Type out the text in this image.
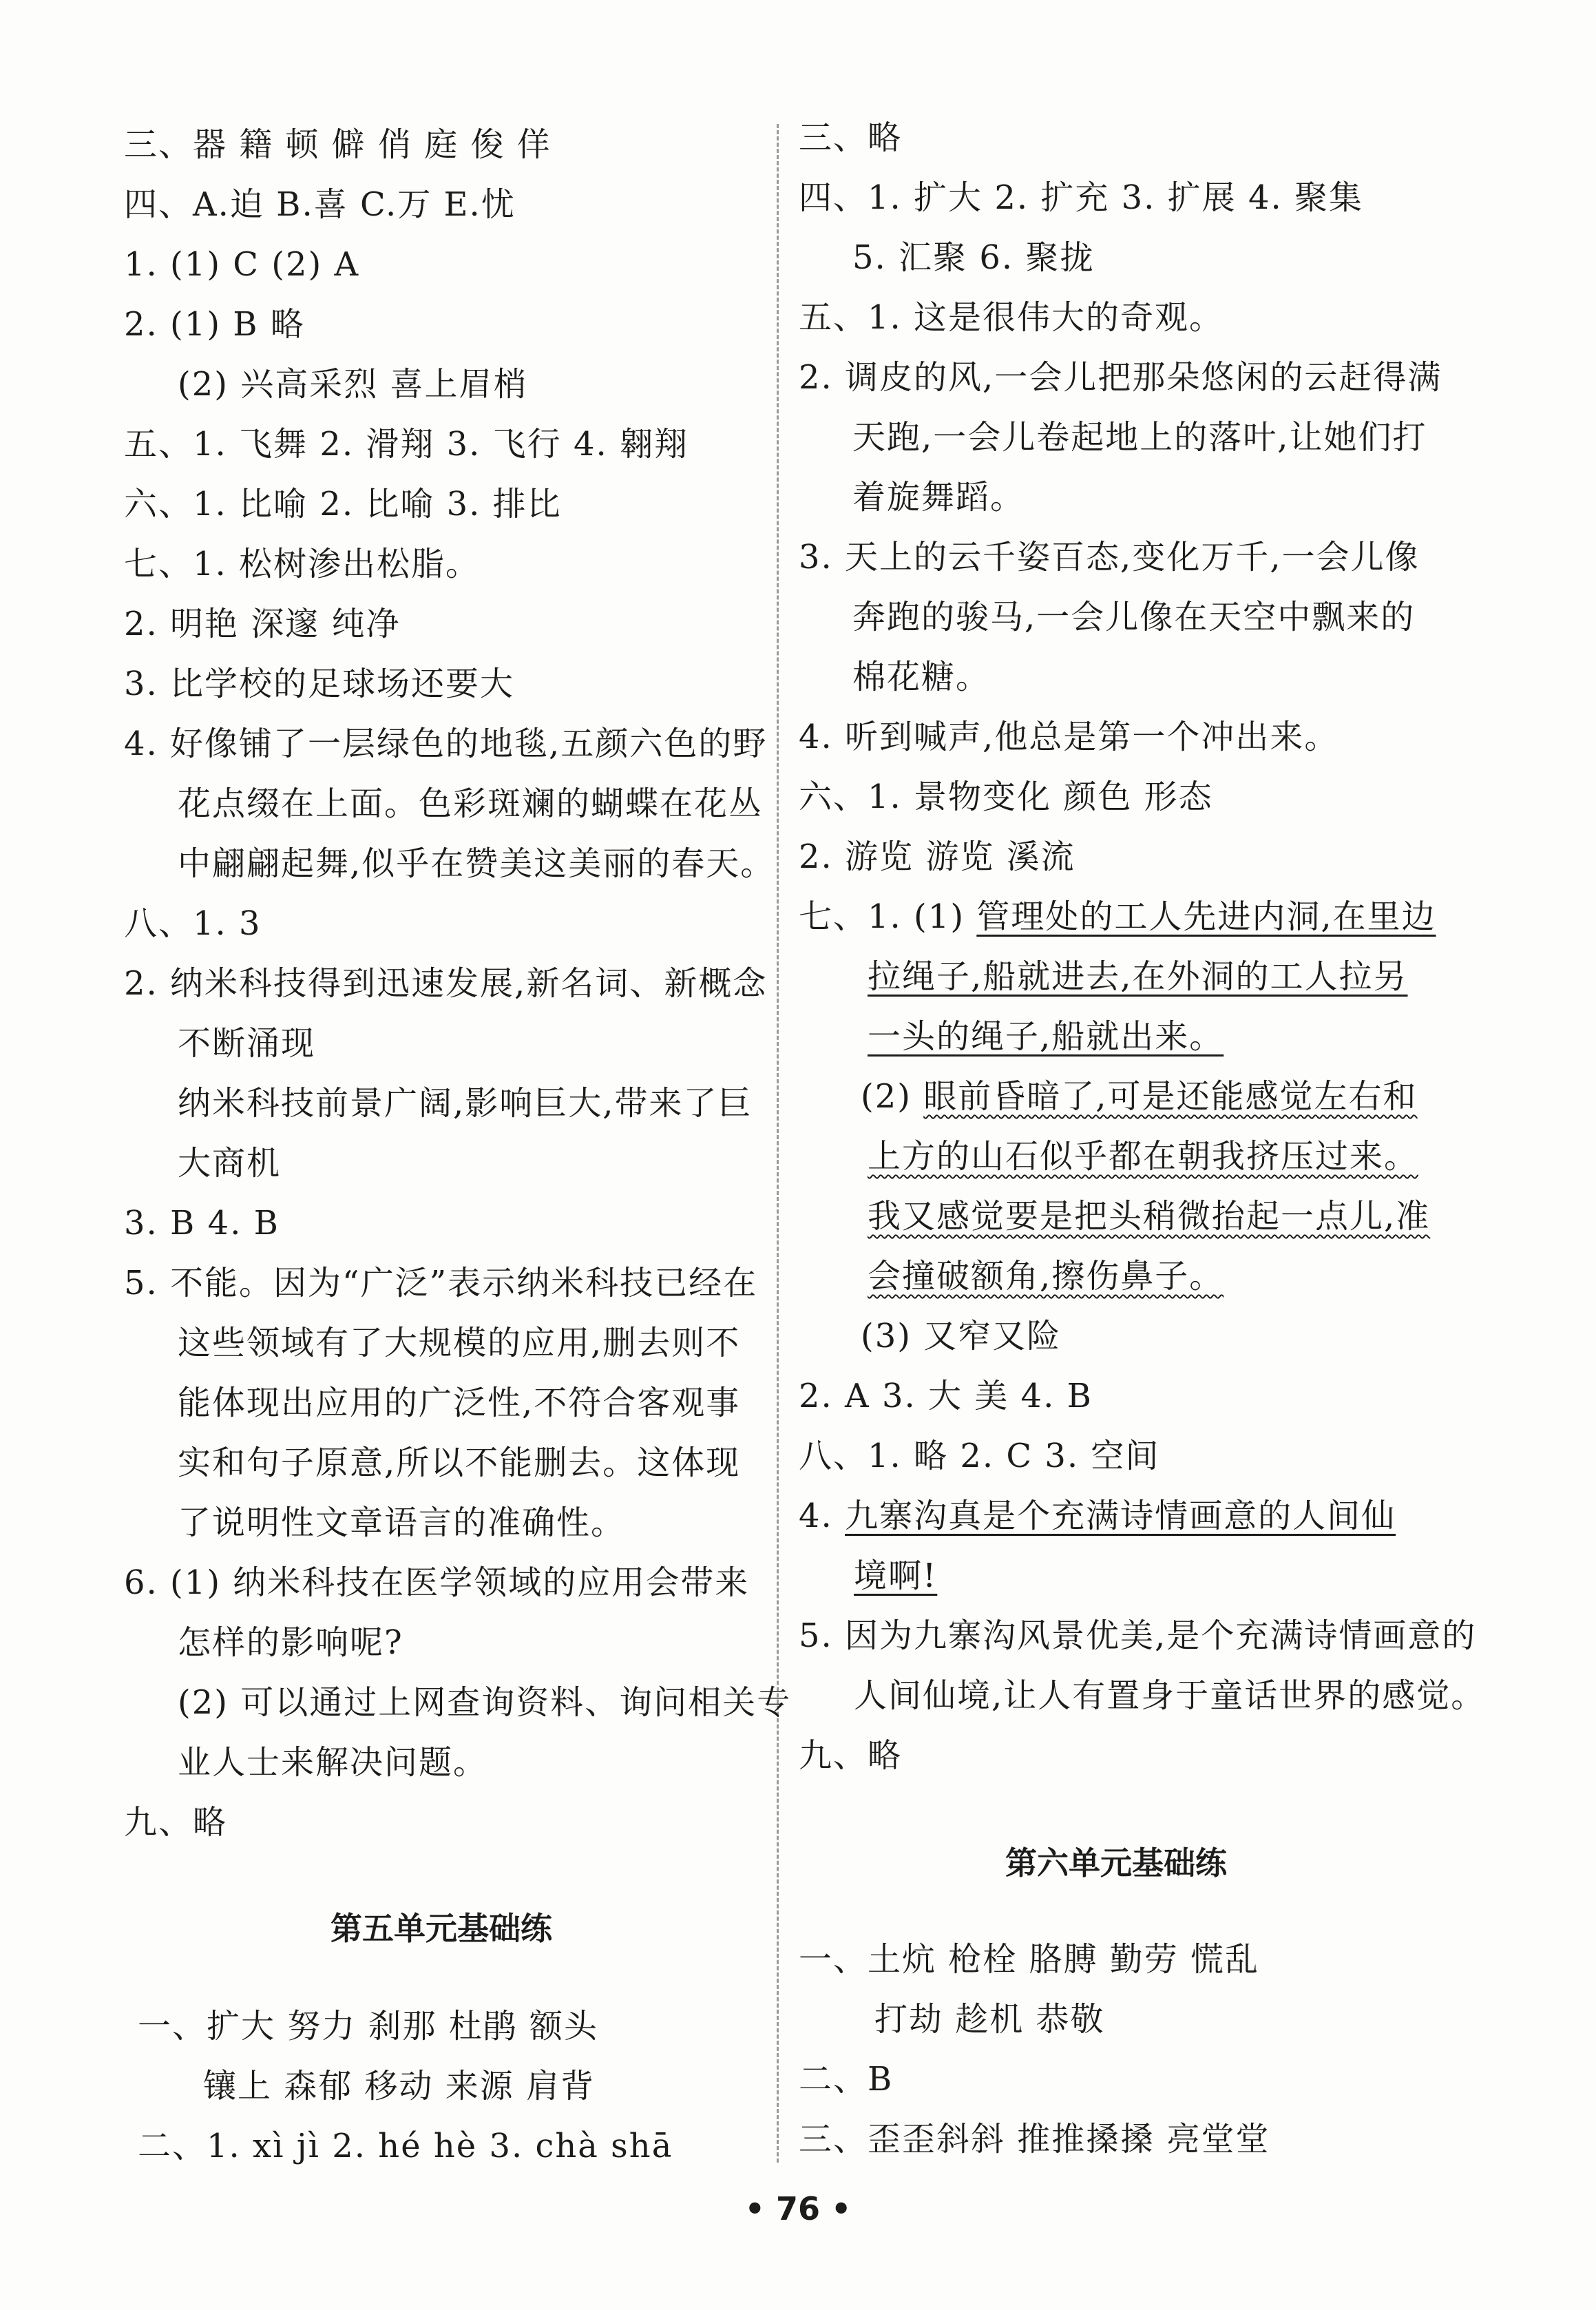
三、器 籍 顿 僻 俏 庭 俊 佯
四、A.迫 B.喜 C.万 E.忧
1. (1) C (2) A
2. (1) B 略
(2) 兴高采烈 喜上眉梢
五、1. 飞舞 2. 滑翔 3. 飞行 4. 翱翔
六、1. 比喻 2. 比喻 3. 排比
七、1. 松树渗出松脂。
2. 明艳 深邃 纯净
3. 比学校的足球场还要大
4. 好像铺了一层绿色的地毯,五颜六色的野
花点缀在上面。色彩斑斓的蝴蝶在花丛
中翩翩起舞,似乎在赞美这美丽的春天。
八、1. 3
2. 纳米科技得到迅速发展,新名词、新概念
不断涌现
纳米科技前景广阔,影响巨大,带来了巨
大商机
3. B 4. B
5. 不能。因为“广泛”表示纳米科技已经在
这些领域有了大规模的应用,删去则不
能体现出应用的广泛性,不符合客观事
实和句子原意,所以不能删去。这体现
了说明性文章语言的准确性。
6. (1) 纳米科技在医学领域的应用会带来
怎样的影响呢?
(2) 可以通过上网查询资料、询问相关专
业人士来解决问题。
九、略
第五单元基础练
一、扩大 努力 刹那 杜鹃 额头
镶上 森郁 移动 来源 肩背
二、1. xì jì 2. hé hè 3. chà shā
三、略
四、1. 扩大 2. 扩充 3. 扩展 4. 聚集
5. 汇聚 6. 聚拢
五、1. 这是很伟大的奇观。
2. 调皮的风,一会儿把那朵悠闲的云赶得满
天跑,一会儿卷起地上的落叶,让她们打
着旋舞蹈。
3. 天上的云千姿百态,变化万千,一会儿像
奔跑的骏马,一会儿像在天空中飘来的
棉花糖。
4. 听到喊声,他总是第一个冲出来。
六、1. 景物变化 颜色 形态
2. 游览 游览 溪流
七、1. (1) 管理处的工人先进内洞,在里边
拉绳子,船就进去,在外洞的工人拉另
一头的绳子,船就出来。
(2) 眼前昏暗了,可是还能感觉左右和
上方的山石似乎都在朝我挤压过来。
我又感觉要是把头稍微抬起一点儿,准
会撞破额角,擦伤鼻子。
(3) 又窄又险
2. A 3. 大 美 4. B
八、1. 略 2. C 3. 空间
4. 九寨沟真是个充满诗情画意的人间仙
境啊!
5. 因为九寨沟风景优美,是个充满诗情画意的
人间仙境,让人有置身于童话世界的感觉。
九、略
第六单元基础练
一、土炕 枪栓 胳膊 勤劳 慌乱
打劫 趁机 恭敬
二、B
三、歪歪斜斜 推推搡搡 亮堂堂
• 76 •
